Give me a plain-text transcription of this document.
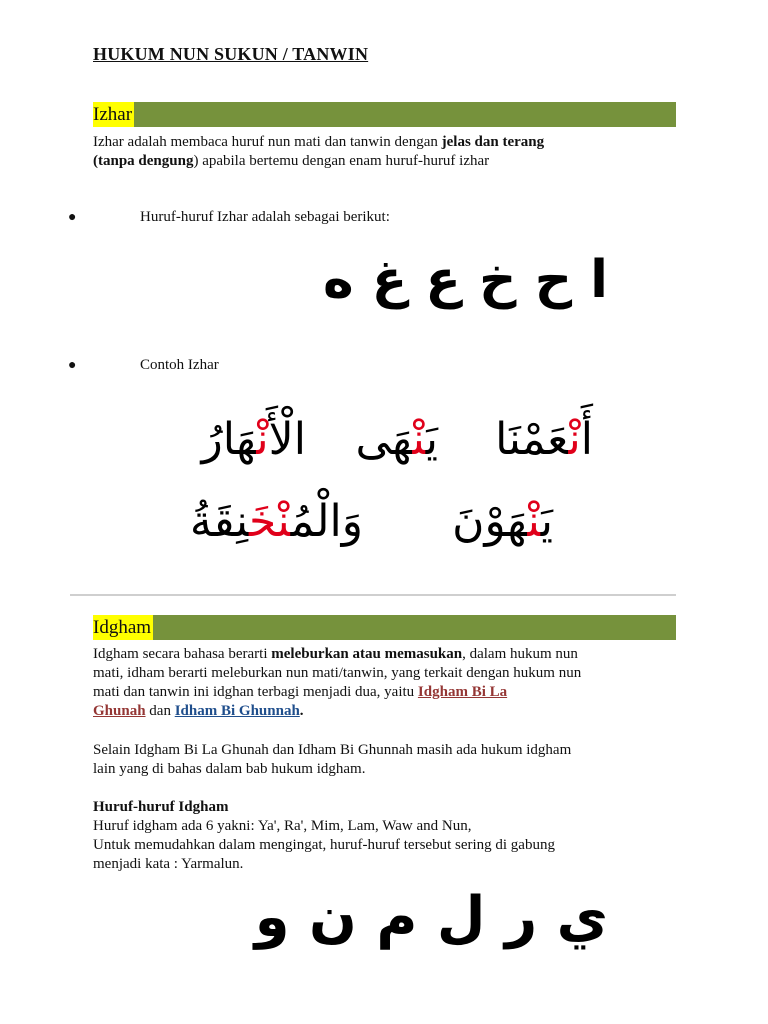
HUKUM NUN SUKUN / TANWIN
Izhar
Izhar adalah membaca huruf nun mati dan tanwin dengan jelas dan terang
(tanpa dengung) apabila bertemu dengan enam huruf-huruf izhar
●	Huruf-huruf Izhar adalah sebagai berikut:
ا ح خ ع غ ه
●	Contoh Izhar
أَنْعَمْنَا
يَنْهَى
الْأَنْهَارُ
يَنْهَوْنَ
وَالْمُنْخَنِقَةُ
Idgham
Idgham secara bahasa berarti meleburkan atau memasukan, dalam hukum nun
mati, idham berarti meleburkan nun mati/tanwin, yang terkait dengan hukum nun
mati dan tanwin ini idghan terbagi menjadi dua, yaitu Idgham Bi La
Ghunah dan Idham Bi Ghunnah.
Selain Idgham Bi La Ghunah dan Idham Bi Ghunnah masih ada hukum idgham
lain yang di bahas dalam bab hukum idgham.
Huruf-huruf Idgham
Huruf idgham ada 6 yakni: Ya', Ra', Mim, Lam, Waw and Nun,
Untuk memudahkan dalam mengingat, huruf-huruf tersebut sering di gabung
menjadi kata : Yarmalun.
ي ر ل م ن و
